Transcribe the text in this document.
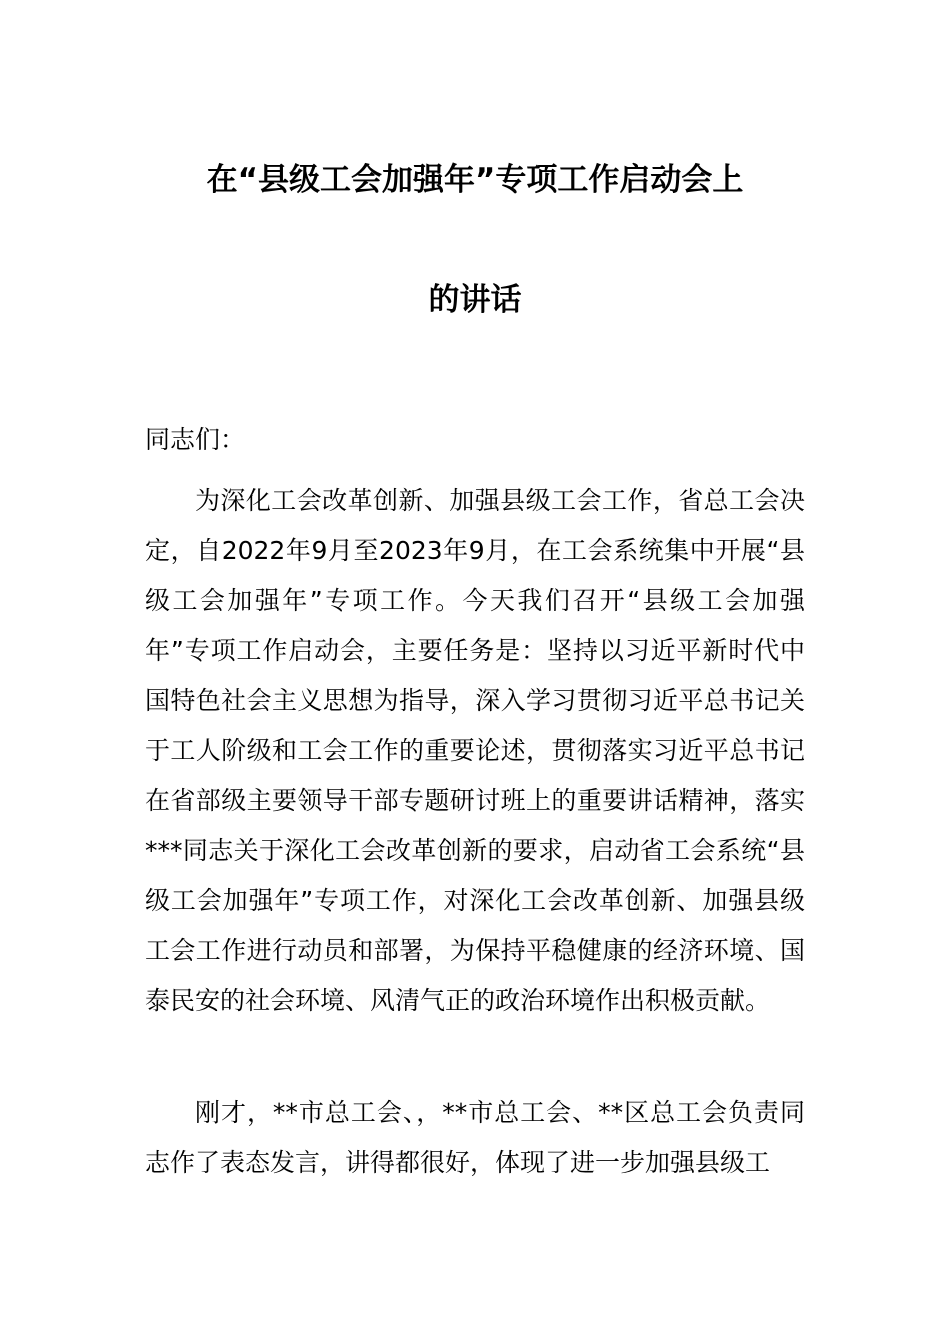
在“县级工会加强年”专项工作启动会上
的讲话

同志们：

为深化工会改革创新、加强县级工会工作，省总工会决定，自2022年9月至2023年9月，在工会系统集中开展“县级工会加强年”专项工作。今天我们召开“县级工会加强年”专项工作启动会，主要任务是：坚持以习近平新时代中国特色社会主义思想为指导，深入学习贯彻习近平总书记关于工人阶级和工会工作的重要论述，贯彻落实习近平总书记在省部级主要领导干部专题研讨班上的重要讲话精神，落实***同志关于深化工会改革创新的要求，启动省工会系统“县级工会加强年”专项工作，对深化工会改革创新、加强县级工会工作进行动员和部署，为保持平稳健康的经济环境、国泰民安的社会环境、风清气正的政治环境作出积极贡献。

刚才，**市总工会、，**市总工会、**区总工会负责同志作了表态发言，讲得都很好，体现了进一步加强县级工
